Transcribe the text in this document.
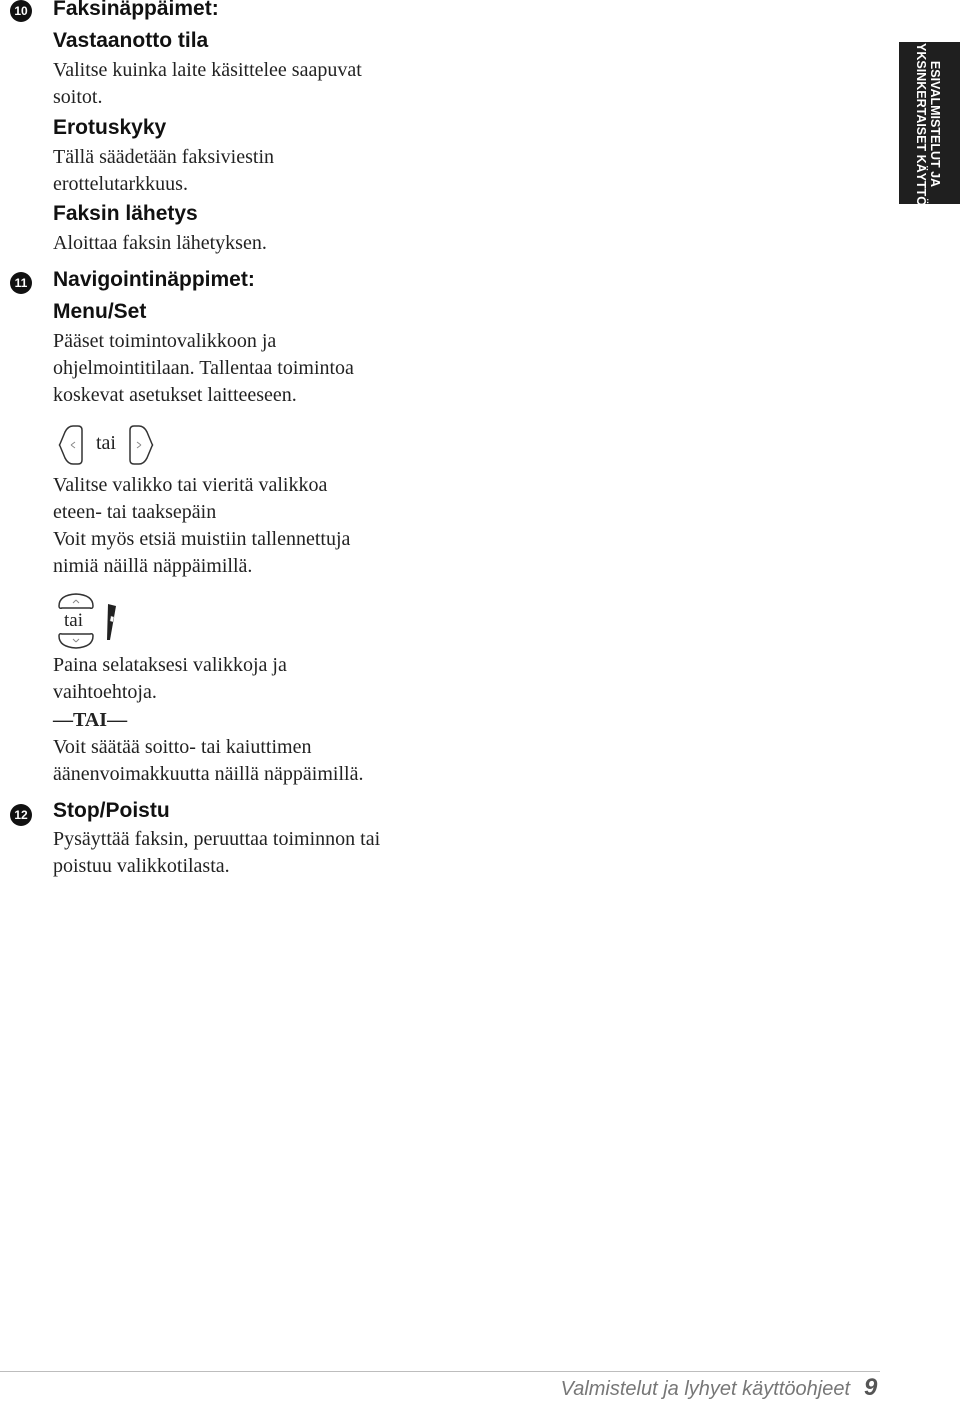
ESIVALMISTELUT JA
YKSINKERTAISET KÄYTTÖOHJEET
10 Faksinäppäimet:
Vastaanotto tila
Valitse kuinka laite käsittelee saapuvat
soitot.
Erotuskyky
Tällä säädetään faksiviestin
erottelutarkkuus.
Faksin lähetys
Aloittaa faksin lähetyksen.
11 Navigointinäppimet:
Menu/Set
Pääset toimintovalikkoon ja
ohjelmointitilaan. Tallentaa toimintoa
koskevat asetukset laitteeseen.
tai
Valitse valikko tai vieritä valikkoa
eteen- tai taaksepäin
Voit myös etsiä muistiin tallennettuja
nimiä näillä näppäimillä.
tai
Paina selataksesi valikkoja ja
vaihtoehtoja.
—TAI—
Voit säätää soitto- tai kaiuttimen
äänenvoimakkuutta näillä näppäimillä.
12 Stop/Poistu
Pysäyttää faksin, peruuttaa toiminnon tai
poistuu valikkotilasta.
Valmistelut ja lyhyet käyttöohjeet 9
